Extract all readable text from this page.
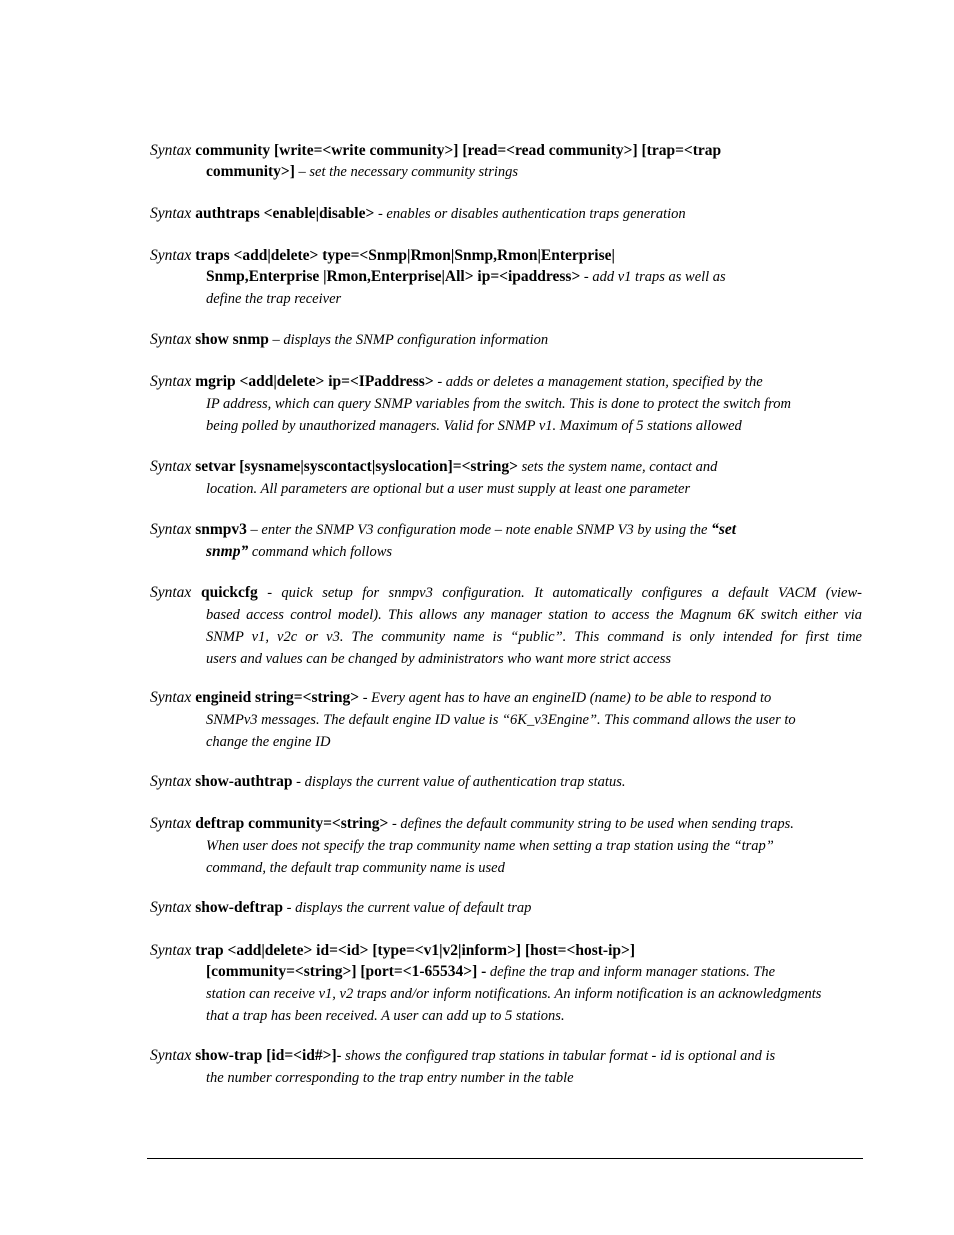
Syntax community [write=<write community>] [read=<read community>] [trap=<trap
community>] – set the necessary community strings
Syntax authtraps <enable|disable> - enables or disables authentication traps generation
Syntax traps <add|delete> type=<Snmp|Rmon|Snmp,Rmon|Enterprise|
Snmp,Enterprise |Rmon,Enterprise|All> ip=<ipaddress> - add v1 traps as well as
define the trap receiver
Syntax show snmp – displays the SNMP configuration information
Syntax mgrip <add|delete> ip=<IPaddress> - adds or deletes a management station, specified by the
IP address, which can query SNMP variables from the switch. This is done to protect the switch from
being polled by unauthorized managers. Valid for SNMP v1. Maximum of 5 stations allowed
Syntax setvar [sysname|syscontact|syslocation]=<string> sets the system name, contact and
location. All parameters are optional but a user must supply at least one parameter
Syntax snmpv3 – enter the SNMP V3 configuration mode – note enable SNMP V3 by using the “set
snmp” command which follows
Syntax quickcfg - quick setup for snmpv3 configuration. It automatically configures a default VACM (view-
based access control model). This allows any manager station to access the Magnum 6K switch either via
SNMP v1, v2c or v3. The community name is “public”. This command is only intended for first time
users and values can be changed by administrators who want more strict access
Syntax engineid string=<string> - Every agent has to have an engineID (name) to be able to respond to
SNMPv3 messages. The default engine ID value is “6K_v3Engine”. This command allows the user to
change the engine ID
Syntax show-authtrap - displays the current value of authentication trap status.
Syntax deftrap community=<string> - defines the default community string to be used when sending traps.
When user does not specify the trap community name when setting a trap station using the “trap”
command, the default trap community name is used
Syntax show-deftrap - displays the current value of default trap
Syntax trap <add|delete> id=<id> [type=<v1|v2|inform>] [host=<host-ip>]
[community=<string>] [port=<1-65534>] - define the trap and inform manager stations. The
station can receive v1, v2 traps and/or inform notifications. An inform notification is an acknowledgments
that a trap has been received. A user can add up to 5 stations.
Syntax show-trap [id=<id#>]- shows the configured trap stations in tabular format - id is optional and is
the number corresponding to the trap entry number in the table
